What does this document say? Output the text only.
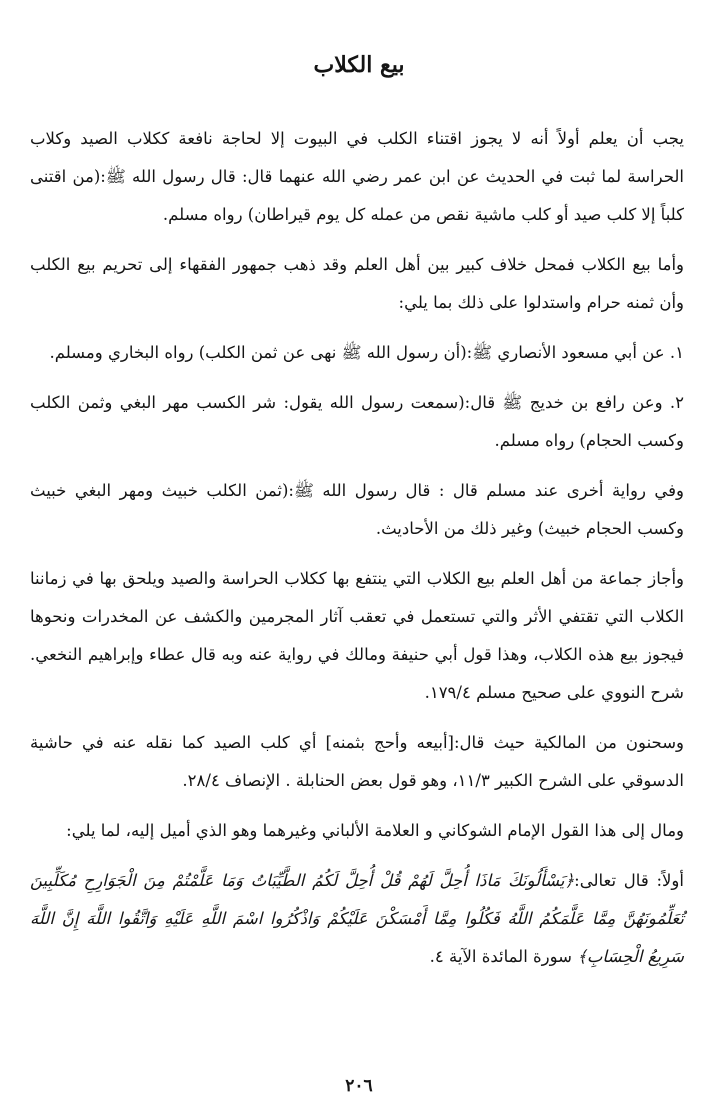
بيع الكلاب

يجب أن يعلم أولاً أنه لا يجوز اقتناء الكلب في البيوت إلا لحاجة نافعة ككلاب الصيد وكلاب الحراسة لما ثبت في الحديث عن ابن عمر رضي الله عنهما قال: قال رسول الله ﷺ:(من اقتنى كلباً إلا كلب صيد أو كلب ماشية نقص من عمله كل يوم قيراطان) رواه مسلم.

وأما بيع الكلاب فمحل خلاف كبير بين أهل العلم وقد ذهب جمهور الفقهاء إلى تحريم بيع الكلب وأن ثمنه حرام واستدلوا على ذلك بما يلي:

١. عن أبي مسعود الأنصاري ﷺ:(أن رسول الله ﷺ نهى عن ثمن الكلب) رواه البخاري ومسلم.

٢. وعن رافع بن خديج ﷺ قال:(سمعت رسول الله يقول: شر الكسب مهر البغي وثمن الكلب وكسب الحجام) رواه مسلم.

وفي رواية أخرى عند مسلم قال : قال رسول الله ﷺ:(ثمن الكلب خبيث ومهر البغي خبيث وكسب الحجام خبيث) وغير ذلك من الأحاديث.

وأجاز جماعة من أهل العلم بيع الكلاب التي ينتفع بها ككلاب الحراسة والصيد ويلحق بها في زماننا الكلاب التي تقتفي الأثر والتي تستعمل في تعقب آثار المجرمين والكشف عن المخدرات ونحوها فيجوز بيع هذه الكلاب، وهذا قول أبي حنيفة ومالك في رواية عنه وبه قال عطاء وإبراهيم النخعي. شرح النووي على صحيح مسلم ١٧٩/٤.

وسحنون من المالكية حيث قال:[أبيعه وأحج بثمنه] أي كلب الصيد كما نقله عنه في حاشية الدسوقي على الشرح الكبير ١١/٣، وهو قول بعض الحنابلة . الإنصاف ٢٨/٤.

ومال إلى هذا القول الإمام الشوكاني و العلامة الألباني وغيرهما وهو الذي أميل إليه، لما يلي:

أولاً: قال تعالى:﴿يَسْأَلُونَكَ مَاذَا أُحِلَّ لَهُمْ قُلْ أُحِلَّ لَكُمُ الطَّيِّبَاتُ وَمَا عَلَّمْتُمْ مِنَ الْجَوَارِحِ مُكَلِّبِينَ تُعَلِّمُونَهُنَّ مِمَّا عَلَّمَكُمُ اللَّهُ فَكُلُوا مِمَّا أَمْسَكْنَ عَلَيْكُمْ وَاذْكُرُوا اسْمَ اللَّهِ عَلَيْهِ وَاتَّقُوا اللَّهَ إِنَّ اللَّهَ سَرِيعُ الْحِسَابِ﴾ سورة المائدة الآية ٤.

٢٠٦
